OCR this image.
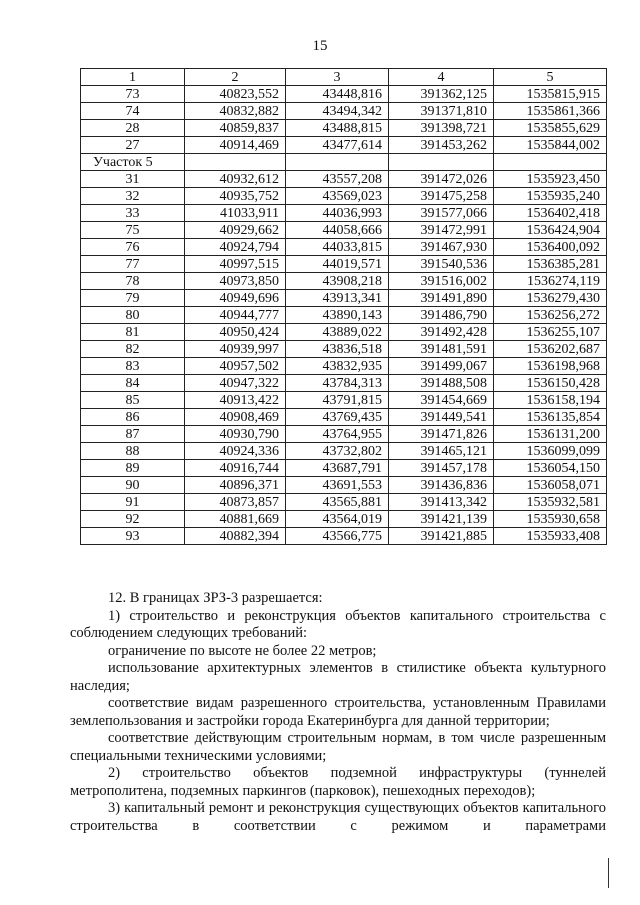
15
1	2	3	4	5
73	40823,552	43448,816	391362,125	1535815,915
74	40832,882	43494,342	391371,810	1535861,366
28	40859,837	43488,815	391398,721	1535855,629
27	40914,469	43477,614	391453,262	1535844,002
Участок 5				
31	40932,612	43557,208	391472,026	1535923,450
32	40935,752	43569,023	391475,258	1535935,240
33	41033,911	44036,993	391577,066	1536402,418
75	40929,662	44058,666	391472,991	1536424,904
76	40924,794	44033,815	391467,930	1536400,092
77	40997,515	44019,571	391540,536	1536385,281
78	40973,850	43908,218	391516,002	1536274,119
79	40949,696	43913,341	391491,890	1536279,430
80	40944,777	43890,143	391486,790	1536256,272
81	40950,424	43889,022	391492,428	1536255,107
82	40939,997	43836,518	391481,591	1536202,687
83	40957,502	43832,935	391499,067	1536198,968
84	40947,322	43784,313	391488,508	1536150,428
85	40913,422	43791,815	391454,669	1536158,194
86	40908,469	43769,435	391449,541	1536135,854
87	40930,790	43764,955	391471,826	1536131,200
88	40924,336	43732,802	391465,121	1536099,099
89	40916,744	43687,791	391457,178	1536054,150
90	40896,371	43691,553	391436,836	1536058,071
91	40873,857	43565,881	391413,342	1535932,581
92	40881,669	43564,019	391421,139	1535930,658
93	40882,394	43566,775	391421,885	1535933,408

12. В границах ЗРЗ-3 разрешается:

1) строительство и реконструкция объектов капитального строительства с соблюдением следующих требований:

ограничение по высоте не более 22 метров;

использование архитектурных элементов в стилистике объекта культурного наследия;

соответствие видам разрешенного строительства, установленным Правилами землепользования и застройки города Екатеринбурга для данной территории;

соответствие действующим строительным нормам, в том числе разрешенным специальными техническими условиями;

2) строительство объектов подземной инфраструктуры (туннелей метрополитена, подземных паркингов (парковок), пешеходных переходов);

3) капитальный ремонт и реконструкция существующих объектов капитального строительства в соответствии с режимом и параметрами
